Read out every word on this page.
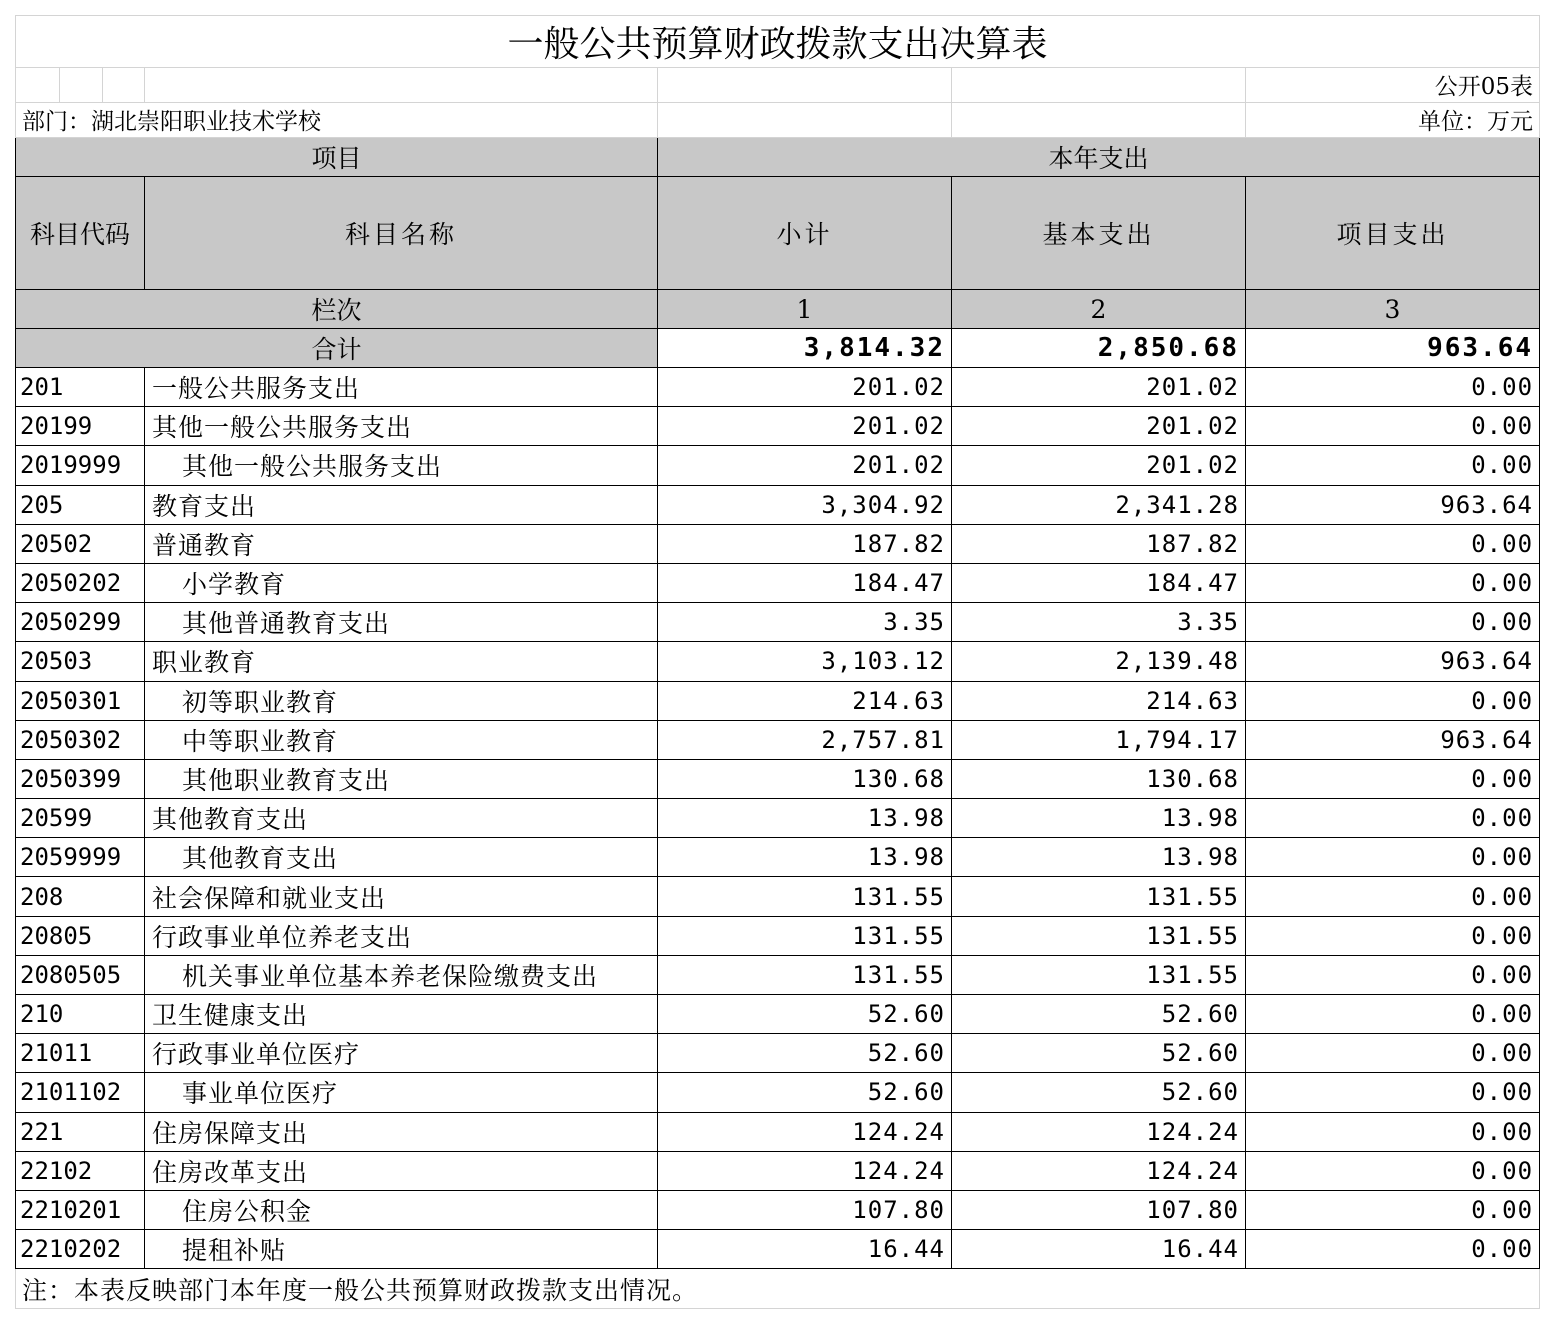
一般公共预算财政拨款支出决算表						
						公开05表
部门：湖北崇阳职业技术学校						单位：万元
项目				本年支出		
科目代码			科目名称	小计	基本支出	项目支出
栏次				1	2	3
合计				3,814.32	2,850.68	963.64
201			一般公共服务支出	201.02	201.02	0.00
20199			其他一般公共服务支出	201.02	201.02	0.00
2019999			其他一般公共服务支出	201.02	201.02	0.00
205			教育支出	3,304.92	2,341.28	963.64
20502			普通教育	187.82	187.82	0.00
2050202			小学教育	184.47	184.47	0.00
2050299			其他普通教育支出	3.35	3.35	0.00
20503			职业教育	3,103.12	2,139.48	963.64
2050301			初等职业教育	214.63	214.63	0.00
2050302			中等职业教育	2,757.81	1,794.17	963.64
2050399			其他职业教育支出	130.68	130.68	0.00
20599			其他教育支出	13.98	13.98	0.00
2059999			其他教育支出	13.98	13.98	0.00
208			社会保障和就业支出	131.55	131.55	0.00
20805			行政事业单位养老支出	131.55	131.55	0.00
2080505			机关事业单位基本养老保险缴费支出	131.55	131.55	0.00
210			卫生健康支出	52.60	52.60	0.00
21011			行政事业单位医疗	52.60	52.60	0.00
2101102			事业单位医疗	52.60	52.60	0.00
221			住房保障支出	124.24	124.24	0.00
22102			住房改革支出	124.24	124.24	0.00
2210201			住房公积金	107.80	107.80	0.00
2210202			提租补贴	16.44	16.44	0.00
注：本表反映部门本年度一般公共预算财政拨款支出情况。						
